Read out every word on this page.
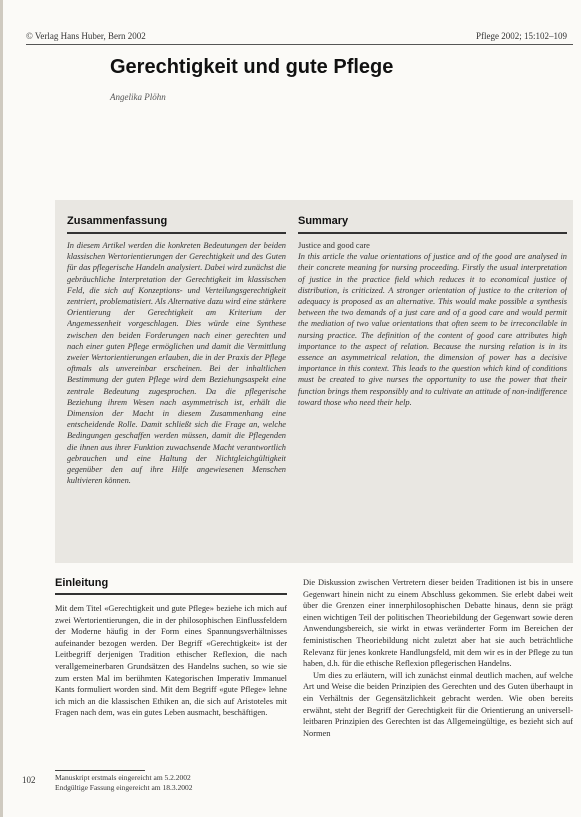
© Verlag Hans Huber, Bern 2002	Pflege 2002; 15:102–109
Gerechtigkeit und gute Pflege
Angelika Plöhn
Zusammenfassung
In diesem Artikel werden die konkreten Bedeutungen der beiden klassischen Wertorientierungen der Gerechtigkeit und des Guten für das pflegerische Handeln analysiert. Dabei wird zunächst die gebräuchliche Interpretation der Gerechtigkeit im klassischen Feld, die sich auf Konzeptions- und Verteilungsgerechtigkeit zentriert, problematisiert. Als Alternative dazu wird eine stärkere Orientierung der Gerechtigkeit am Kriterium der Angemessenheit vorgeschlagen. Dies würde eine Synthese zwischen den beiden Forderungen nach einer gerechten und nach einer guten Pflege ermöglichen und damit die Vermittlung zweier Wertorientierungen erlauben, die in der Praxis der Pflege oftmals als unvereinbar erscheinen. Bei der inhaltlichen Bestimmung der guten Pflege wird dem Beziehungsaspekt eine zentrale Bedeutung zugesprochen. Da die pflegerische Beziehung ihrem Wesen nach asymmetrisch ist, erhält die Dimension der Macht in diesem Zusammenhang eine entscheidende Rolle. Damit schließt sich die Frage an, welche Bedingungen geschaffen werden müssen, damit die Pflegenden die ihnen aus ihrer Funktion zuwachsende Macht verantwortlich gebrauchen und eine Haltung der Nichtgleichgültigkeit gegenüber den auf ihre Hilfe angewiesenen Menschen kultivieren können.
Summary
Justice and good care
In this article the value orientations of justice and of the good are analysed in their concrete meaning for nursing proceeding. Firstly the usual interpretation of justice in the practice field which reduces it to economical justice of distribution, is criticized. A stronger orientation of justice to the criterion of adequacy is proposed as an alternative. This would make possible a synthesis between the two demands of a just care and of a good care and would permit the mediation of two value orientations that often seem to be irreconcilable in nursing practice. The definition of the content of good care attributes high importance to the aspect of relation. Because the nursing relation is in its essence an asymmetrical relation, the dimension of power has a decisive importance in this context. This leads to the question which kind of conditions must be created to give nurses the opportunity to use the power that their function brings them responsibly and to cultivate an attitude of non-indifference toward those who need their help.
Einleitung

Mit dem Titel «Gerechtigkeit und gute Pflege» beziehe ich mich auf zwei Wertorientierungen, die in der philosophischen Einflussfeldern der Moderne häufig in der Form eines Spannungsverhältnisses aufeinander bezogen werden. Der Begriff «Gerechtigkeit» ist der Leitbegriff derjenigen Tradition ethischer Reflexion, die nach verallgemeinerbaren Grundsätzen des Handelns suchen, so wie sie zum ersten Mal im berühmten Kategorischen Imperativ Immanuel Kants formuliert worden sind. Mit dem Begriff «gute Pflege» lehne ich mich an die klassischen Ethiken an, die sich auf Aristoteles mit Fragen nach dem, was ein gutes Leben ausmacht, beschäftigen.

Die Diskussion zwischen Vertretern dieser beiden Traditionen ist bis in unsere Gegenwart hinein nicht zu einem Abschluss gekommen. Sie erlebt dabei weit über die Grenzen einer innerphilosophischen Debatte hinaus, denn sie prägt einen wichtigen Teil der politischen Theoriebildung der Gegenwart sowie deren Anwendungsbereich, sie wirkt in etwas veränderter Form im Bereichen der feministischen Theoriebildung nicht zuletzt aber hat sie auch beträchtliche Relevanz für jenes konkrete Handlungsfeld, mit dem wir es in der Pflege zu tun haben, d.h. für die ethische Reflexion pflegerischen Handelns.

Um dies zu erläutern, will ich zunächst einmal deutlich machen, auf welche Art und Weise die beiden Prinzipien des Gerechten und des Guten überhaupt in ein Verhältnis der Gegensätzlichkeit gebracht werden. Wie oben bereits erwähnt, steht der Begriff der Gerechtigkeit für die Orientierung an universell-leitbaren Prinzipien des Gerechten ist das Allgemeingültige, es bezieht sich auf Normen

Manuskript erstmals eingereicht am 5.2.2002
Endgültige Fassung eingereicht am 18.3.2002
102
